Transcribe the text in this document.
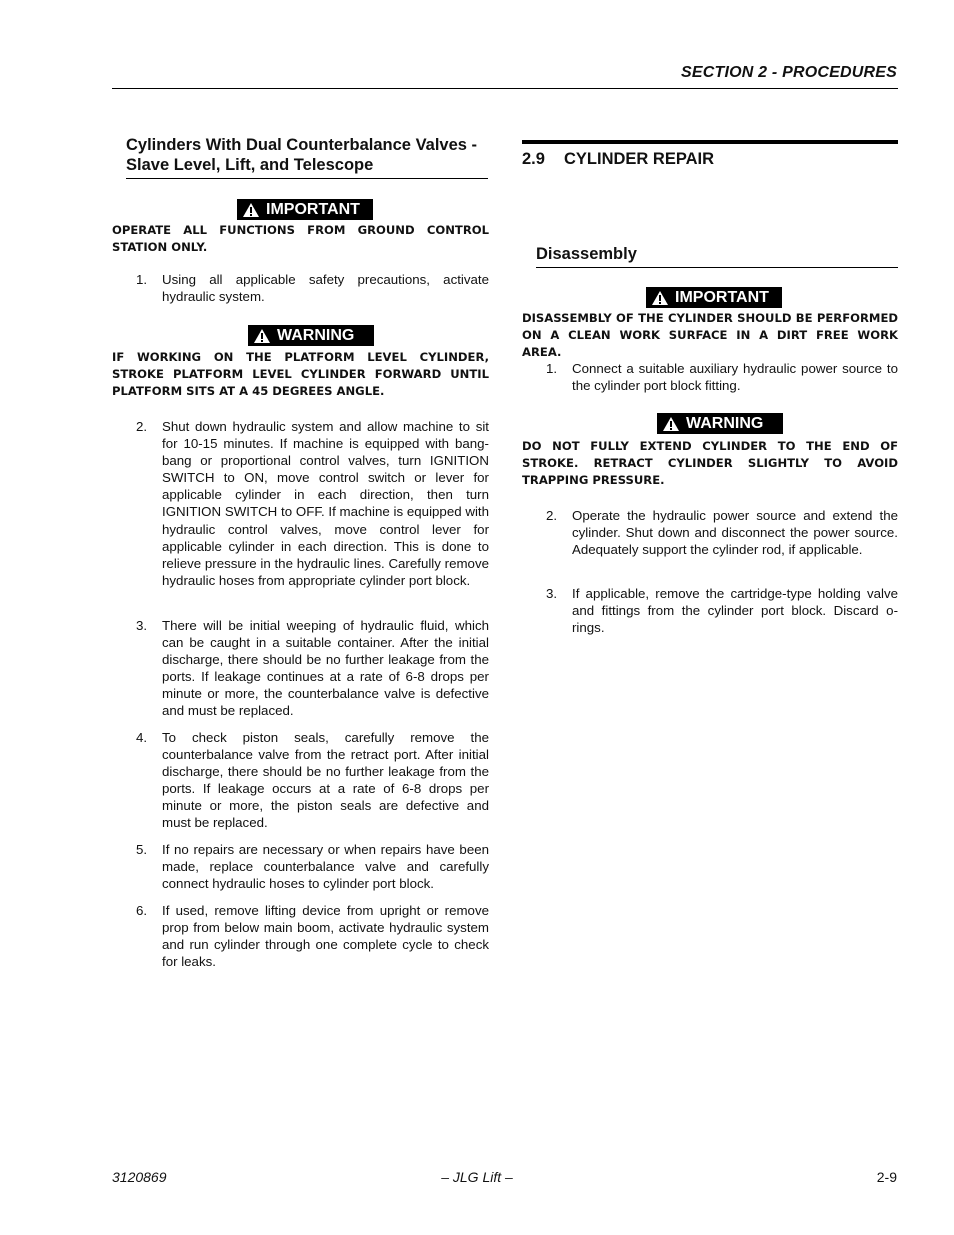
SECTION 2 - PROCEDURES
Cylinders With Dual Counterbalance Valves - Slave Level, Lift, and Telescope
IMPORTANT
OPERATE ALL FUNCTIONS FROM GROUND CONTROL STATION ONLY.
1. Using all applicable safety precautions, activate hydraulic system.
WARNING
IF WORKING ON THE PLATFORM LEVEL CYLINDER, STROKE PLATFORM LEVEL CYLINDER FORWARD UNTIL PLATFORM SITS AT A 45 DEGREES ANGLE.
2. Shut down hydraulic system and allow machine to sit for 10-15 minutes. If machine is equipped with bang-bang or proportional control valves, turn IGNITION SWITCH to ON, move control switch or lever for applicable cylinder in each direction, then turn IGNITION SWITCH to OFF. If machine is equipped with hydraulic control valves, move control lever for applicable cylinder in each direction. This is done to relieve pressure in the hydraulic lines. Carefully remove hydraulic hoses from appropriate cylinder port block.
3. There will be initial weeping of hydraulic fluid, which can be caught in a suitable container. After the initial discharge, there should be no further leakage from the ports. If leakage continues at a rate of 6-8 drops per minute or more, the counterbalance valve is defective and must be replaced.
4. To check piston seals, carefully remove the counterbalance valve from the retract port. After initial discharge, there should be no further leakage from the ports. If leakage occurs at a rate of 6-8 drops per minute or more, the piston seals are defective and must be replaced.
5. If no repairs are necessary or when repairs have been made, replace counterbalance valve and carefully connect hydraulic hoses to cylinder port block.
6. If used, remove lifting device from upright or remove prop from below main boom, activate hydraulic system and run cylinder through one complete cycle to check for leaks.
2.9 CYLINDER REPAIR
Disassembly
IMPORTANT
DISASSEMBLY OF THE CYLINDER SHOULD BE PERFORMED ON A CLEAN WORK SURFACE IN A DIRT FREE WORK AREA.
1. Connect a suitable auxiliary hydraulic power source to the cylinder port block fitting.
WARNING
DO NOT FULLY EXTEND CYLINDER TO THE END OF STROKE. RETRACT CYLINDER SLIGHTLY TO AVOID TRAPPING PRESSURE.
2. Operate the hydraulic power source and extend the cylinder. Shut down and disconnect the power source. Adequately support the cylinder rod, if applicable.
3. If applicable, remove the cartridge-type holding valve and fittings from the cylinder port block. Discard o-rings.
– JLG Lift –
3120869	2-9
